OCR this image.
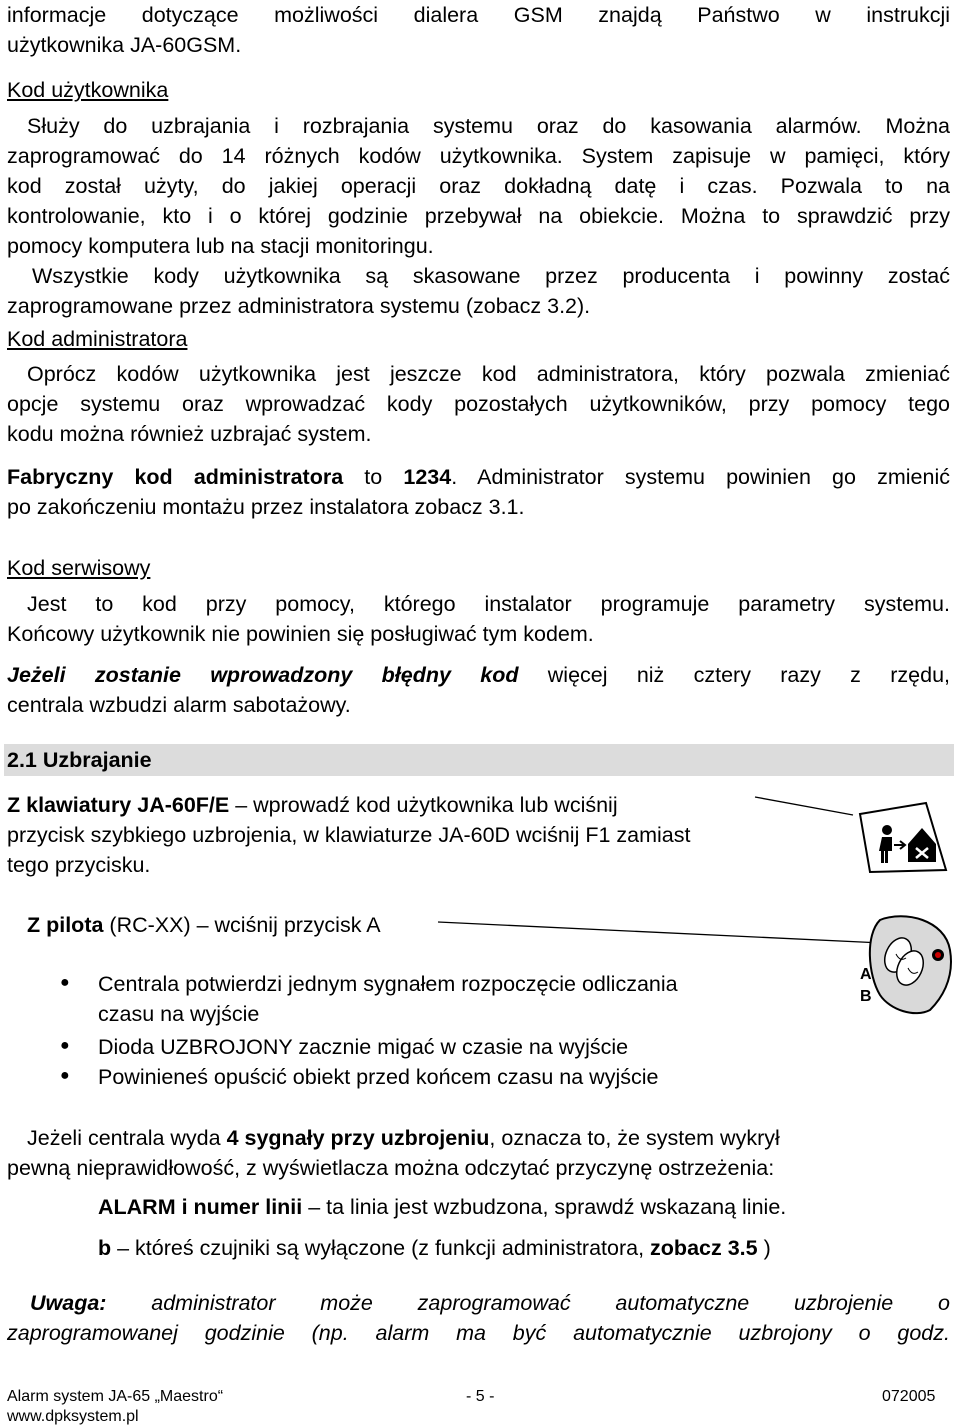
informacje dotyczące możliwości dialera GSM znajdą Państwo w instrukcji
użytkownika JA-60GSM.
Kod użytkownika
Służy do uzbrajania i rozbrajania systemu oraz do kasowania alarmów. Można
zaprogramować do 14 różnych kodów użytkownika. System zapisuje w pamięci, który
kod został użyty, do jakiej operacji oraz dokładną datę i czas. Pozwala to na
kontrolowanie, kto i o której godzinie przebywał na obiekcie. Można to sprawdzić przy
pomocy komputera lub na stacji monitoringu.
Wszystkie kody użytkownika są skasowane przez producenta i powinny zostać
zaprogramowane przez administratora systemu (zobacz 3.2).
Kod administratora
Oprócz kodów użytkownika jest jeszcze kod administratora, który pozwala zmieniać
opcje systemu oraz wprowadzać kody pozostałych użytkowników, przy pomocy tego
kodu można również uzbrajać system.
Fabryczny kod administratora to 1234. Administrator systemu powinien go zmienić
po zakończeniu montażu przez instalatora zobacz 3.1.
Kod serwisowy
Jest to kod przy pomocy, którego instalator programuje parametry systemu.
Końcowy użytkownik nie powinien się posługiwać tym kodem.
Jeżeli zostanie wprowadzony błędny kod więcej niż cztery razy z rzędu,
centrala wzbudzi alarm sabotażowy.
2.1 Uzbrajanie
Z klawiatury JA-60F/E – wprowadź kod użytkownika lub wciśnij
przycisk szybkiego uzbrojenia, w klawiaturze JA-60D wciśnij F1 zamiast
tego przycisku.
Z pilota (RC-XX) – wciśnij przycisk A
A
B
● Centrala potwierdzi jednym sygnałem rozpoczęcie odliczania
czasu na wyjście
● Dioda UZBROJONY zacznie migać w czasie na wyjście
● Powinieneś opuścić obiekt przed końcem czasu na wyjście
Jeżeli centrala wyda 4 sygnały przy uzbrojeniu, oznacza to, że system wykrył
pewną nieprawidłowość, z wyświetlacza można odczytać przyczynę ostrzeżenia:
ALARM i numer linii – ta linia jest wzbudzona, sprawdź wskazaną linie.
b – któreś czujniki są wyłączone (z funkcji administratora, zobacz 3.5 )
Uwaga: administrator może zaprogramować automatyczne uzbrojenie o
zaprogramowanej godzinie (np. alarm ma być automatycznie uzbrojony o godz.
Alarm system JA-65 „Maestro“	- 5 -	072005
www.dpksystem.pl
